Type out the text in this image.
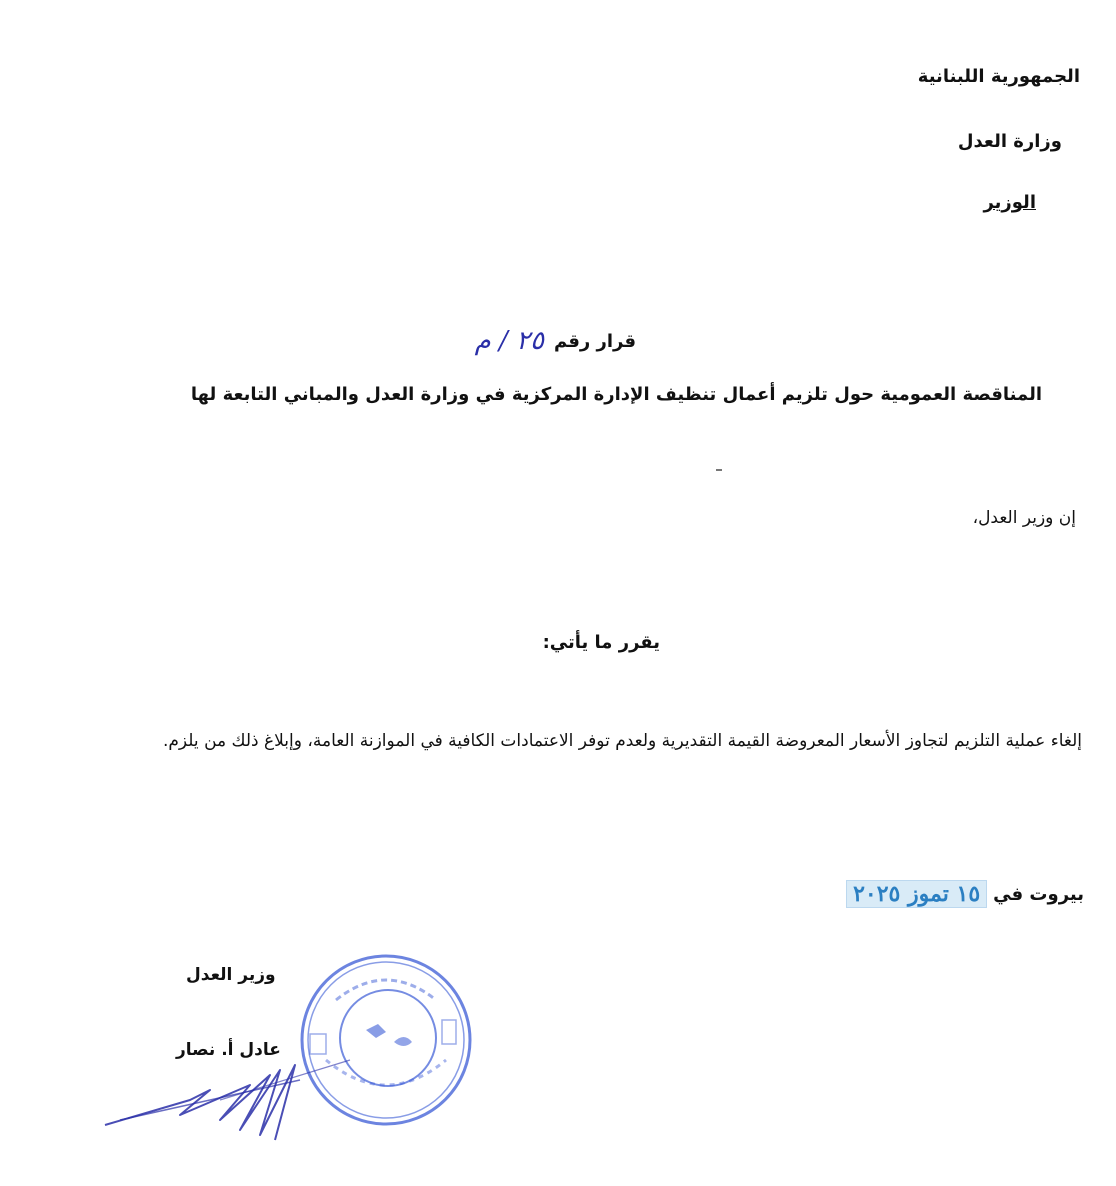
الجمهورية اللبنانية
وزارة العدل
الوزير
قرار رقم
٢٥ / م
المناقصة العمومية حول تلزيم أعمال تنظيف الإدارة المركزية في وزارة العدل والمباني التابعة لها
إن وزير العدل،
يقرر ما يأتي:
إلغاء عملية التلزيم لتجاوز الأسعار المعروضة القيمة التقديرية ولعدم توفر الاعتمادات الكافية في الموازنة العامة، وإبلاغ ذلك من يلزم.
بيروت في
١٥ تموز ٢٠٢٥
وزير العدل
عادل أ. نصار
